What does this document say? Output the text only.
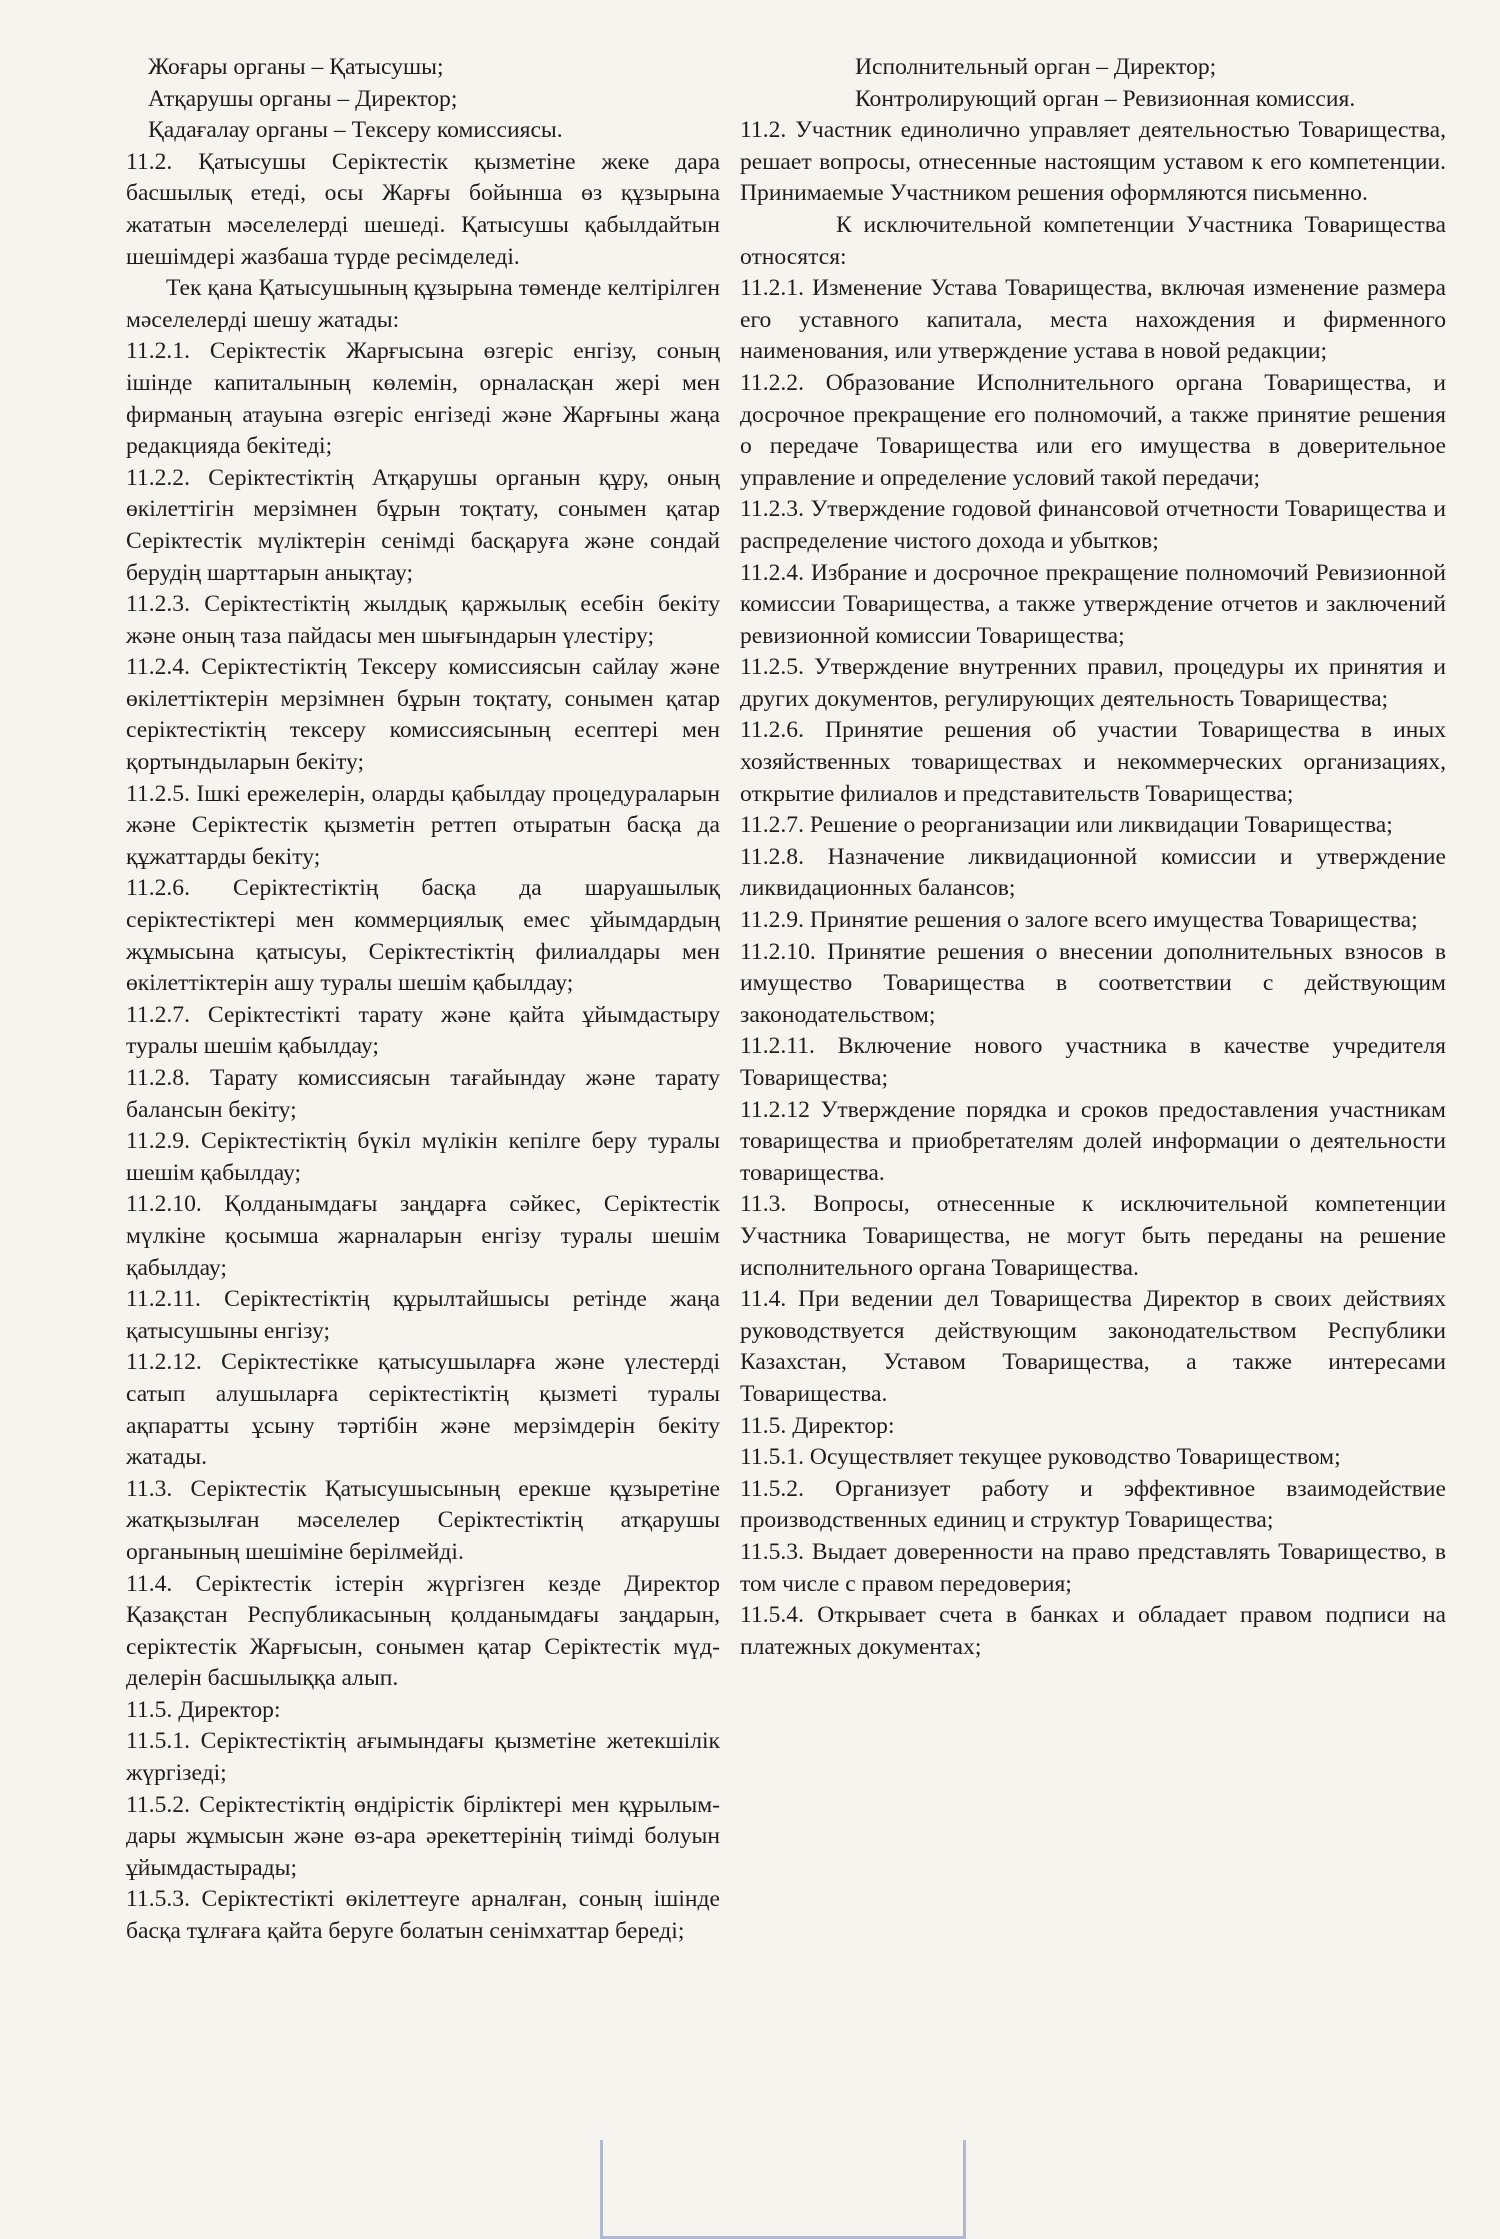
Жоғары органы – Қатысушы;

Атқарушы органы – Директор;

Қадағалау органы – Тексеру комиссиясы.

11.2. Қатысушы Серіктестік қызметіне жеке дара басшылық етеді, осы Жарғы бойынша өз құзырына жататын мәселелерді шешеді. Қатысушы қабылдайтын шешімдері жазбаша түрде ресімделеді.

Тек қана Қатысушының құзырына төменде келтірілген мәселелерді шешу жатады:

11.2.1. Серіктестік Жарғысына өзгеріс енгізу, соның ішінде капиталының көлемін, орналасқан жері мен фирманың атауына өзгеріс енгізеді және Жарғыны жаңа редакцияда бекітеді;

11.2.2. Серіктестіктің Атқарушы органын құру, оның өкілеттігін мерзімнен бұрын тоқтату, сонымен қатар Серіктестік мүліктерін сенімді басқаруға және сондай берудің шарттарын анықтау;

11.2.3. Серіктестіктің жылдық қаржылық есебін бекіту және оның таза пайдасы мен шығындарын үлестіру;

11.2.4. Серіктестіктің Тексеру комиссиясын сайлау және өкілеттіктерін мерзімнен бұрын тоқтату, сонымен қатар серіктестіктің тексеру комиссиясының есептері мен қортындыларын бекіту;

11.2.5. Ішкі ережелерін, оларды қабылдау процедураларын және Серіктестік қызметін реттеп отыратын басқа да құжаттарды бекіту;

11.2.6. Серіктестіктің басқа да шаруашылық серіктестіктері мен коммерциялық емес ұйымдардың жұмысына қатысуы, Серіктестіктің филиалдары мен өкілеттіктерін ашу туралы шешім қабылдау;

11.2.7. Серіктестікті тарату және қайта ұйымдастыру туралы шешім қабылдау;

11.2.8. Тарату комиссиясын тағайындау және тарату балансын бекіту;

11.2.9. Серіктестіктің бүкіл мүлікін кепілге беру туралы шешім қабылдау;

11.2.10. Қолданымдағы заңдарға сәйкес, Серіктестік мүлкіне қосымша жарналарын енгізу туралы шешім қабылдау;

11.2.11. Серіктестіктің құрылтайшысы ретінде жаңа қатысушыны енгізу;

11.2.12. Серіктестікке қатысушыларға және үлестерді сатып алушыларға серіктестіктің қызметі туралы ақпаратты ұсыну тәртібін және мерзімдерін бекіту жатады.

11.3. Серіктестік Қатысушысының ерекше құзыретіне жатқызылған мәселелер Серіктестіктің атқарушы органының шешіміне берілмейді.

11.4. Серіктестік істерін жүргізген кезде Директор Қазақстан Республикасының қолданымдағы заңдарын, серіктестік Жарғысын, сонымен қатар Серіктестік мүд-делерін басшылыққа алып.

11.5. Директор:

11.5.1. Серіктестіктің ағымындағы қызметіне жетекшілік жүргізеді;

11.5.2. Серіктестіктің өндірістік бірліктері мен құрылым-дары жұмысын және өз-ара әрекеттерінің тиімді болуын ұйымдастырады;

11.5.3. Серіктестікті өкілеттеуге арналған, соның ішінде басқа тұлғаға қайта беруге болатын сенімхаттар береді;

Исполнительный орган – Директор;

Контролирующий орган – Ревизионная комиссия.

11.2. Участник единолично управляет деятельностью Товарищества, решает вопросы, отнесенные настоящим уставом к его компетенции. Принимаемые Участником решения оформляются письменно.

К исключительной компетенции Участника Товарищества относятся:

11.2.1. Изменение Устава Товарищества, включая изменение размера его уставного капитала, места нахождения и фирменного наименования, или утверждение устава в новой редакции;

11.2.2. Образование Исполнительного органа Товарищества, и досрочное прекращение его полномочий, а также принятие решения о передаче Товарищества или его имущества в доверительное управление и определение условий такой передачи;

11.2.3. Утверждение годовой финансовой отчетности Товарищества и распределение чистого дохода и убытков;

11.2.4. Избрание и досрочное прекращение полномочий Ревизионной комиссии Товарищества, а также утверждение отчетов и заключений ревизионной комиссии Товарищества;

11.2.5. Утверждение внутренних правил, процедуры их принятия и других документов, регулирующих деятельность Товарищества;

11.2.6. Принятие решения об участии Товарищества в иных хозяйственных товариществах и некоммерческих организациях, открытие филиалов и представительств Товарищества;

11.2.7. Решение о реорганизации или ликвидации Товарищества;

11.2.8. Назначение ликвидационной комиссии и утверждение ликвидационных балансов;

11.2.9. Принятие решения о залоге всего имущества Товарищества;

11.2.10. Принятие решения о внесении дополнительных взносов в имущество Товарищества в соответствии с действующим законодательством;

11.2.11. Включение нового участника в качестве учредителя Товарищества;

11.2.12 Утверждение порядка и сроков предоставления участникам товарищества и приобретателям долей информации о деятельности товарищества.

11.3. Вопросы, отнесенные к исключительной компетенции Участника Товарищества, не могут быть переданы на решение исполнительного органа Товарищества.

11.4. При ведении дел Товарищества Директор в своих действиях руководствуется действующим законодательством Республики Казахстан, Уставом Товарищества, а также интересами Товарищества.

11.5. Директор:

11.5.1. Осуществляет текущее руководство Товариществом;

11.5.2. Организует работу и эффективное взаимодействие производственных единиц и структур Товарищества;

11.5.3. Выдает доверенности на право представлять Товарищество, в том числе с правом передоверия;

11.5.4. Открывает счета в банках и обладает правом подписи на платежных документах;
